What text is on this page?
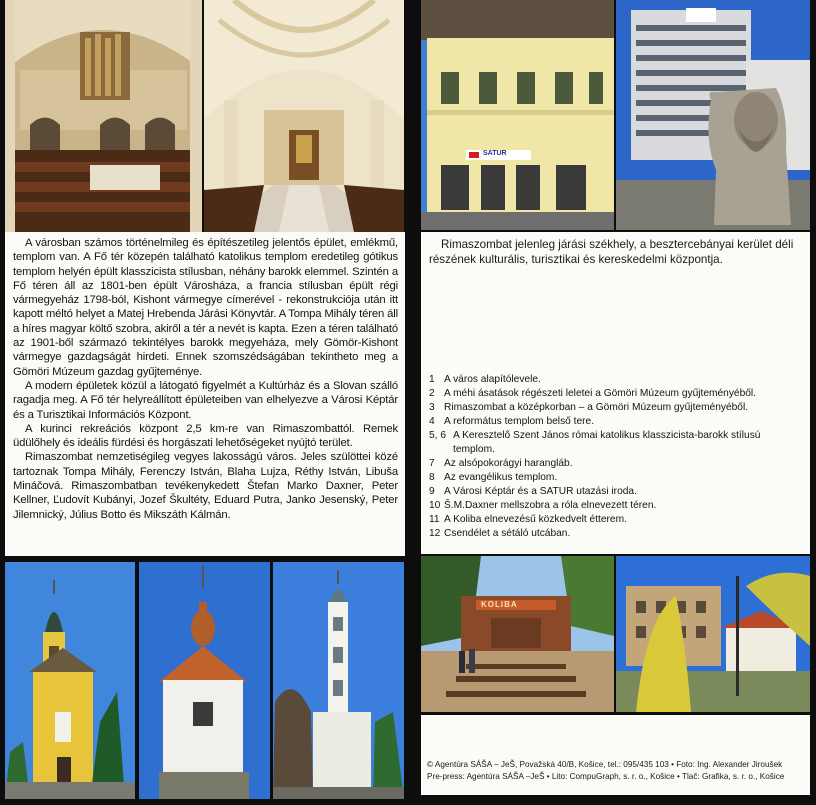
SATUR

A városban számos történelmileg és építészetileg jelentős épület, emlékmű, templom van. A Fő tér közepén található katolikus templom eredetileg gótikus templom helyén épült klasszicista stílusban, néhány barokk elemmel. Szintén a Fő téren áll az 1801-ben épült Városháza, a francia stílusban épült régi vármegyeház 1798-ból, Kishont vármegye címerével - rekonstrukciója után itt kapott méltó helyet a Matej Hrebenda Járási Könyvtár. A Tompa Mihály téren áll a híres magyar költő szobra, akiről a tér a nevét is kapta. Ezen a téren található az 1901-ből származó tekintélyes barokk megyeháza, mely Gömör-Kishont vármegye gazdagságát hirdeti. Ennek szomszédságában tekintheto meg a Gömöri Múzeum gazdag gyűjteménye.

A modern épületek közül a látogató figyelmét a Kultúrház és a Slovan szálló ragadja meg. A Fő tér helyreállított épületeiben van elhelyezve a Városi Képtár és a Turisztikai Információs Központ.

A kurinci rekreációs központ 2,5 km-re van Rimaszombattól. Remek üdülőhely és ideális fürdési és horgászati lehetőségeket nyújtó terület.

Rimaszombat nemzetiségileg vegyes lakosságú város. Jeles szülöttei közé tartoznak Tompa Mihály, Ferenczy István, Blaha Lujza, Réthy István, Libuša Mináčová. Rimaszombatban tevékenykedett Štefan Marko Daxner, Peter Kellner, Ľudovít Kubányi, Jozef Škultéty, Eduard Putra, Janko Jesenský, Peter Jilemnický, Július Botto és Mikszáth Kálmán.

Rimaszombat jelenleg járási székhely, a besztercebányai kerület déli részének kulturális, turisztikai és kereskedelmi központja.

1 A város alapítólevele.
2 A méhi ásatások régészeti leletei a Gömöri Múzeum gyűjteményéből.
3 Rimaszombat a középkorban – a Gömöri Múzeum gyűjteményéből.
4 A református templom belső tere.
5, 6 A Keresztelő Szent János római katolikus klasszicista-barokk stílusú templom.
7 Az alsópokorágyi harangláb.
8 Az evangélikus templom.
9 A Városi Képtár és a SATUR utazási iroda.
10 Š.M.Daxner mellszobra a róla elnevezett téren.
11 A Koliba elnevezésű közkedvelt étterem.
12 Csendélet a sétáló utcában.
KOLIBA

© Agentúra SÁŠA – JeŠ, Považská 40/B, Košice, tel.: 095/435 103 • Foto: Ing. Alexander Jiroušek

Pre-press: Agentúra SÁŠA –JeŠ • Lito: CompuGraph, s. r. o., Košice • Tlač: Grafika, s. r. o., Košice
